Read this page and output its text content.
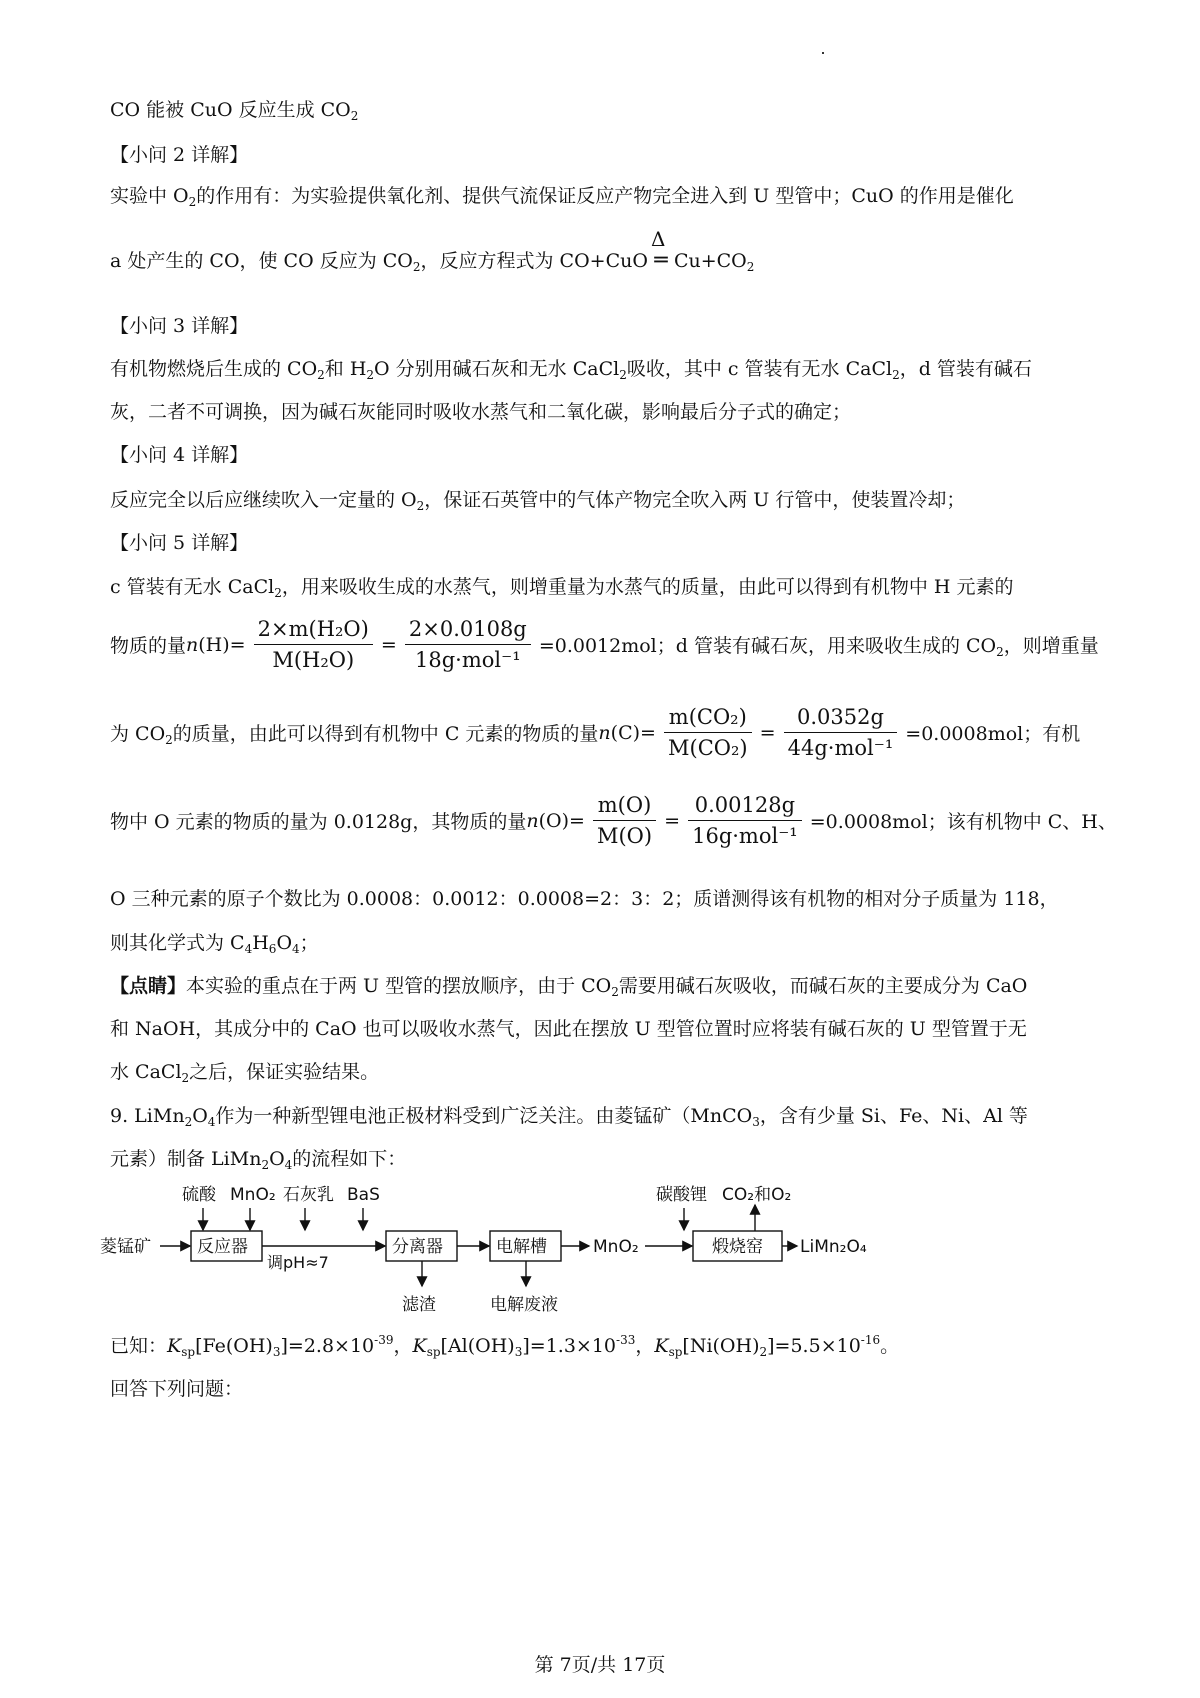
CO 能被 CuO 反应生成 $CO_2$
【小问 2 详解】
实验中 $O_2$的作用有：为实验提供氧化剂、提供气流保证反应产物完全进入到 U 型管中；CuO 的作用是催化
a 处产生的 CO，使 CO 反应为 $CO_2$，反应方程式为 CO+CuO
Δ
═ $Cu+CO_2$
【小问 3 详解】
有机物燃烧后生成的 $CO_2$和 $H_2O$ 分别用碱石灰和无水 CaCl$_2$吸收，其中 c 管装有无水 CaCl$_2$，d 管装有碱石
灰，二者不可调换，因为碱石灰能同时吸收水蒸气和二氧化碳，影响最后分子式的确定；
【小问 4 详解】
反应完全以后应继续吹入一定量的 $O_2$，保证石英管中的气体产物完全吹入两 U 行管中，使装置冷却；
【小问 5 详解】
c 管装有无水 CaCl$_2$，用来吸收生成的水蒸气，则增重量为水蒸气的质量，由此可以得到有机物中 H 元素的
物质的量$n(H)= \frac{\text{2×m(H₂O)}}{\text{M(H₂O)}} = \frac{2\times 0.0108g}{\text{18g·mol⁻¹}} =0.0012mol$；d 管装有碱石灰，用来吸收生成的 $CO_2$，则增重量
为 $CO_2$的质量，由此可以得到有机物中 C 元素的物质的量$n(C)= \frac{\text{m(CO₂)}}{\text{M(CO₂)}} = \frac{0.0352g}{\text{44g·mol⁻¹}} =0.0008mol$；有机
物中 O 元素的物质的量为 0.0128g，其物质的量$n(O)= \frac{m(O)}{M(O)} = \frac{0.00128g}{\text{16g·mol⁻¹}} =0.0008mol$；该有机物中 C、H、
O 三种元素的原子个数比为 0.0008：0.0012：0.0008=2：3：2；质谱测得该有机物的相对分子质量为 118，
则其化学式为 $C_4H_6O_4$；
【点睛】本实验的重点在于两 U 型管的摆放顺序，由于 $CO_2$需要用碱石灰吸收，而碱石灰的主要成分为 CaO
和 NaOH，其成分中的 CaO 也可以吸收水蒸气，因此在摆放 U 型管位置时应将装有碱石灰的 U 型管置于无
水 CaCl$_2$之后，保证实验结果。
9. $LiMn_2O_4$作为一种新型锂电池正极材料受到广泛关注。由菱锰矿（MnCO$_3$，含有少量 Si、Fe、Ni、Al 等
元素）制备 $LiMn_2O_4$的流程如下：
菱锰矿
硫酸 MnO₂ 石灰乳 BaS
反应器
调pH≈7
分离器
滤渣
电解槽
电解废液
MnO₂
碳酸锂 CO₂和O₂
煅烧窑 LiMn₂O₄
已知：$K_{sp}[Fe(OH)_3]=2.8\times 10^{-39}$，$K_{sp}[Al(OH)_3]=1.3\times 10^{-33}$，$K_{sp}[Ni(OH)_2]=5.5\times 10^{-16}$。
回答下列问题：
第 7页/共 17页
